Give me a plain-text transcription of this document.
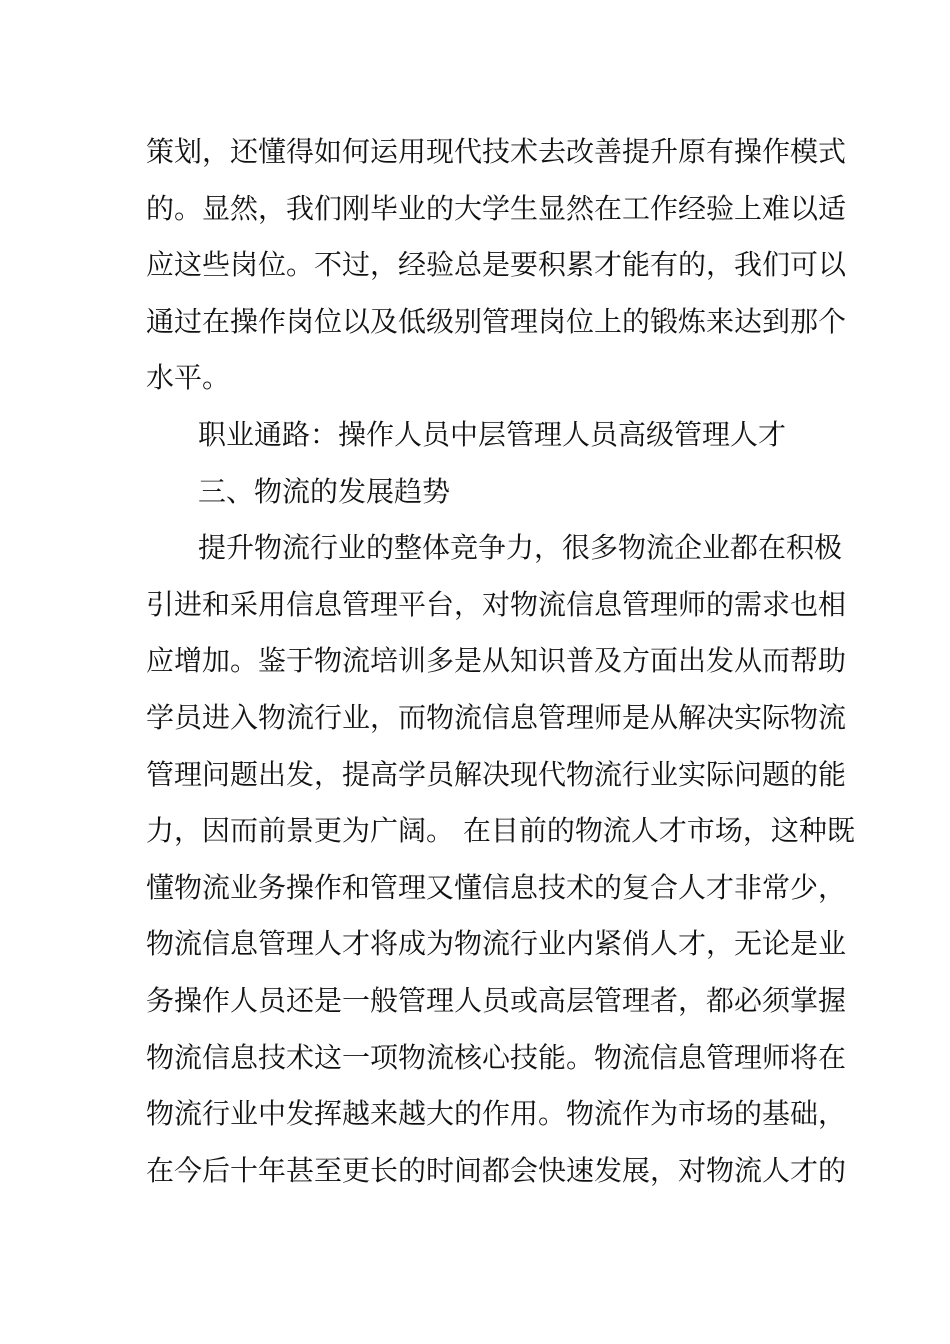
策划，还懂得如何运用现代技术去改善提升原有操作模式
的。显然，我们刚毕业的大学生显然在工作经验上难以适
应这些岗位。不过，经验总是要积累才能有的，我们可以
通过在操作岗位以及低级别管理岗位上的锻炼来达到那个
水平。
职业通路：操作人员中层管理人员高级管理人才
三、物流的发展趋势
提升物流行业的整体竞争力，很多物流企业都在积极
引进和采用信息管理平台，对物流信息管理师的需求也相
应增加。鉴于物流培训多是从知识普及方面出发从而帮助
学员进入物流行业，而物流信息管理师是从解决实际物流
管理问题出发，提高学员解决现代物流行业实际问题的能
力，因而前景更为广阔。 在目前的物流人才市场，这种既
懂物流业务操作和管理又懂信息技术的复合人才非常少，
物流信息管理人才将成为物流行业内紧俏人才，无论是业
务操作人员还是一般管理人员或高层管理者，都必须掌握
物流信息技术这一项物流核心技能。物流信息管理师将在
物流行业中发挥越来越大的作用。物流作为市场的基础，
在今后十年甚至更长的时间都会快速发展，对物流人才的
